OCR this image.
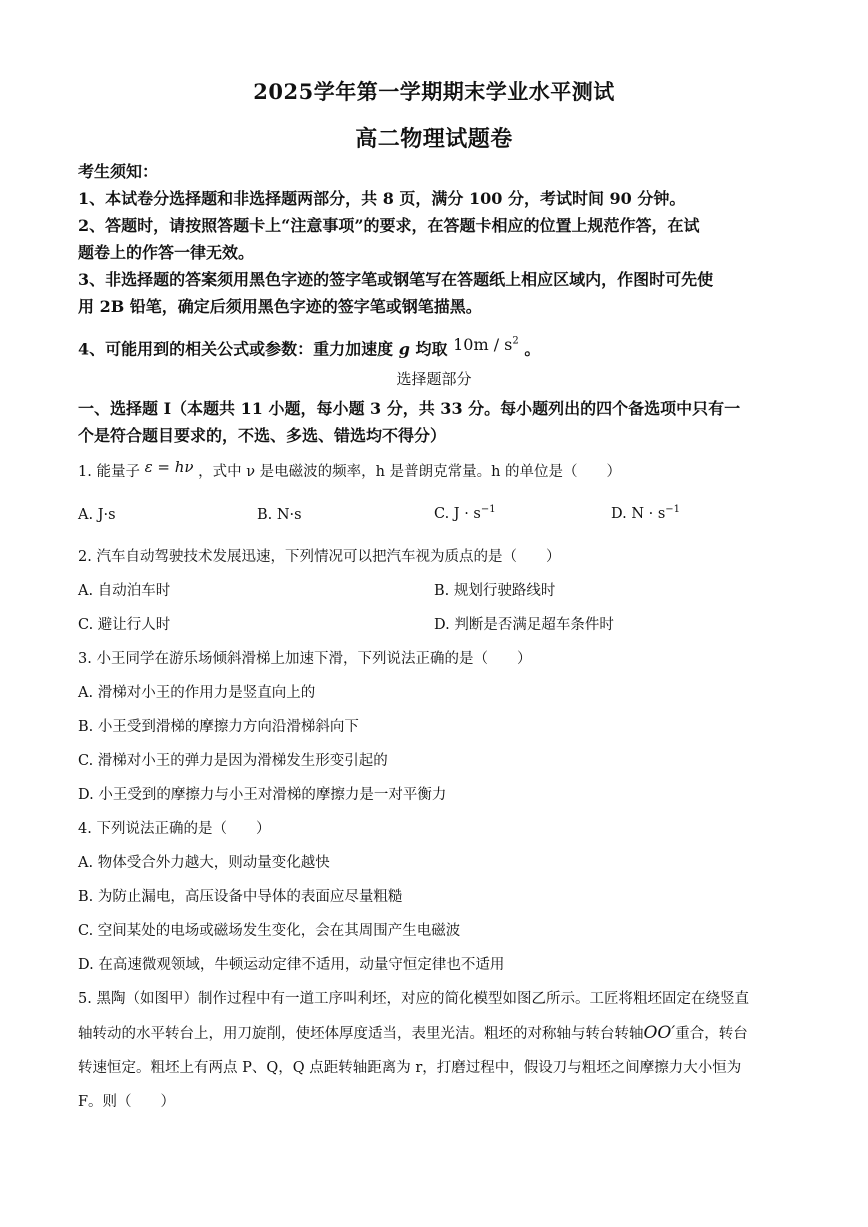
2025学年第一学期期末学业水平测试
高二物理试题卷
考生须知：
1、本试卷分选择题和非选择题两部分，共 8 页，满分 100 分，考试时间 90 分钟。
2、答题时，请按照答题卡上“注意事项”的要求，在答题卡相应的位置上规范作答，在试
题卷上的作答一律无效。
3、非选择题的答案须用黑色字迹的签字笔或钢笔写在答题纸上相应区域内，作图时可先使
用 2B 铅笔，确定后须用黑色字迹的签字笔或钢笔描黑。
4、可能用到的相关公式或参数：重力加速度 g 均取 $10m / s^2$ 。
选择题部分
一、选择题 I（本题共 11 小题，每小题 3 分，共 33 分。每小题列出的四个备选项中只有一
个是符合题目要求的，不选、多选、错选均不得分）
1. 能量子 ε = hν ，式中 ν 是电磁波的频率，h 是普朗克常量。h 的单位是（　　）
A. J·s	B. N·s	C. $J \cdot s^{-1}$	D. $N \cdot s^{-1}$
2. 汽车自动驾驶技术发展迅速，下列情况可以把汽车视为质点的是（　　）
A. 自动泊车时	B. 规划行驶路线时
C. 避让行人时	D. 判断是否满足超车条件时
3. 小王同学在游乐场倾斜滑梯上加速下滑，下列说法正确的是（　　）
A. 滑梯对小王的作用力是竖直向上的
B. 小王受到滑梯的摩擦力方向沿滑梯斜向下
C. 滑梯对小王的弹力是因为滑梯发生形变引起的
D. 小王受到的摩擦力与小王对滑梯的摩擦力是一对平衡力
4. 下列说法正确的是（　　）
A. 物体受合外力越大，则动量变化越快
B. 为防止漏电，高压设备中导体的表面应尽量粗糙
C. 空间某处的电场或磁场发生变化，会在其周围产生电磁波
D. 在高速微观领域，牛顿运动定律不适用，动量守恒定律也不适用
5. 黑陶（如图甲）制作过程中有一道工序叫利坯，对应的简化模型如图乙所示。工匠将粗坯固定在绕竖直
轴转动的水平转台上，用刀旋削，使坯体厚度适当，表里光洁。粗坯的对称轴与转台转轴OO′重合，转台
转速恒定。粗坯上有两点 P、Q，Q 点距转轴距离为 r，打磨过程中，假设刀与粗坯之间摩擦力大小恒为
F。则（　　）
